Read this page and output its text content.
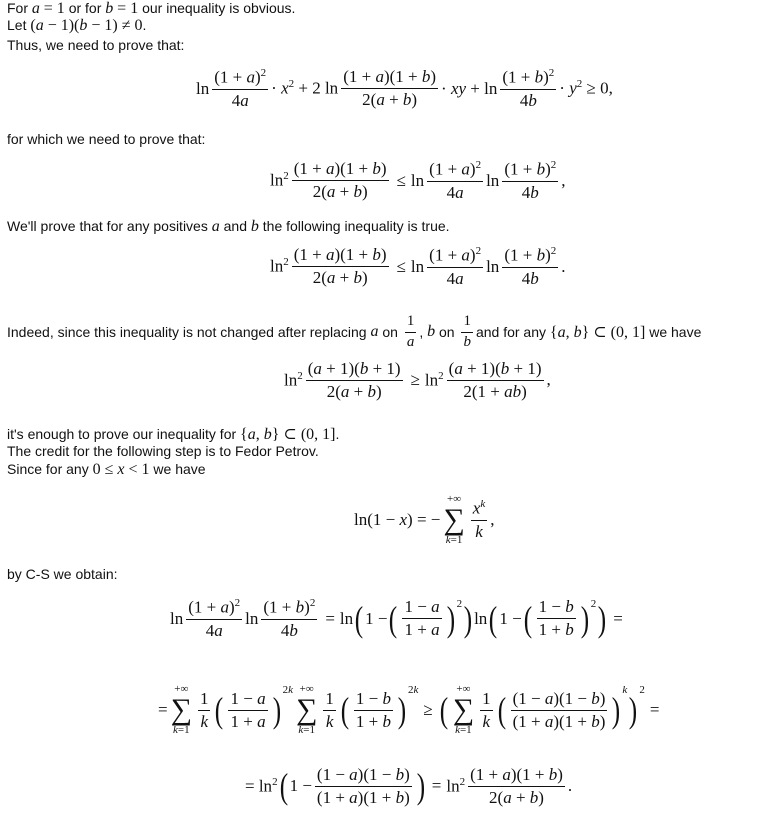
For a = 1 or for b = 1 our inequality is obvious.
Let (a − 1)(b − 1) ≠ 0.
Thus, we need to prove that:
$\ln \frac{(1 + a)^2}{4a} \cdot x^2 + 2$ $\ln \frac{(1 + a)(1 + b)}{2(a + b)}$ · xy + $\ln \frac{(1 + b)^2}{4b} \cdot y^2 \ge 0$,
for which we need to prove that:
$\ln^2 \frac{(1 + a)(1 + b)}{2(a + b)} \le \ln \frac{(1 + a)^2}{4a}$ $\ln \frac{(1 + b)^2}{4b}$ ,
We'll prove that for any positives a and b the following inequality is true.
$\ln^2 \frac{(1 + a)(1 + b)}{2(a + b)} \le \ln \frac{(1 + a)^2}{4a}$ $\ln \frac{(1 + b)^2}{4b}$ .
Indeed, since this inequality is not changed after replacing a on $\frac{1}{a}$ , b on $\frac{1}{b}$ and for any {a, b} ⊂ (0, 1] we have
$\ln^2 \frac{(a + 1)(b + 1)}{2(a + b)} \ge \ln^2 \frac{(a + 1)(b + 1)}{2(1 + ab)}$ ,
it's enough to prove our inequality for {a, b} ⊂ (0, 1].
The credit for the following step is to Fedor Petrov.
Since for any 0 ≤ x < 1 we have
ln(1 − x) = −
+∞
∑
$k=1 \frac{x^k}{k}$ ,
by C-S we obtain:
$\ln \frac{(1 + a)^2}{4a}$ $\ln \frac{(1 + b)^2}{4b} = \ln$ ( 1 − ( $\frac{1 - a}{1 + a} )^2$ ) ln ( 1 − ( $\frac{1 - b}{1 + b} )^2$ ) =
=
+∞
∑
$k=1 \frac{1}{k}$ ( $\frac{1 - a}{1 + a} )^{2k}$ +∞
∑
$k=1 \frac{1}{k}$ ( $\frac{1 - b}{1 + b} )^{2k}$
≥ (
+∞
∑
$k=1 \frac{1}{k}$ ( $\frac{(1 - a)(1 - b)}{(1 + a)(1 + b)}$ ) $^k$ )$^2$
=
= $\ln^2$ ( $1 - \frac{(1 - a)(1 - b)}{(1 + a)(1 + b)}$ ) = $\ln^2 \frac{(1 + a)(1 + b)}{2(a + b)}$ .
